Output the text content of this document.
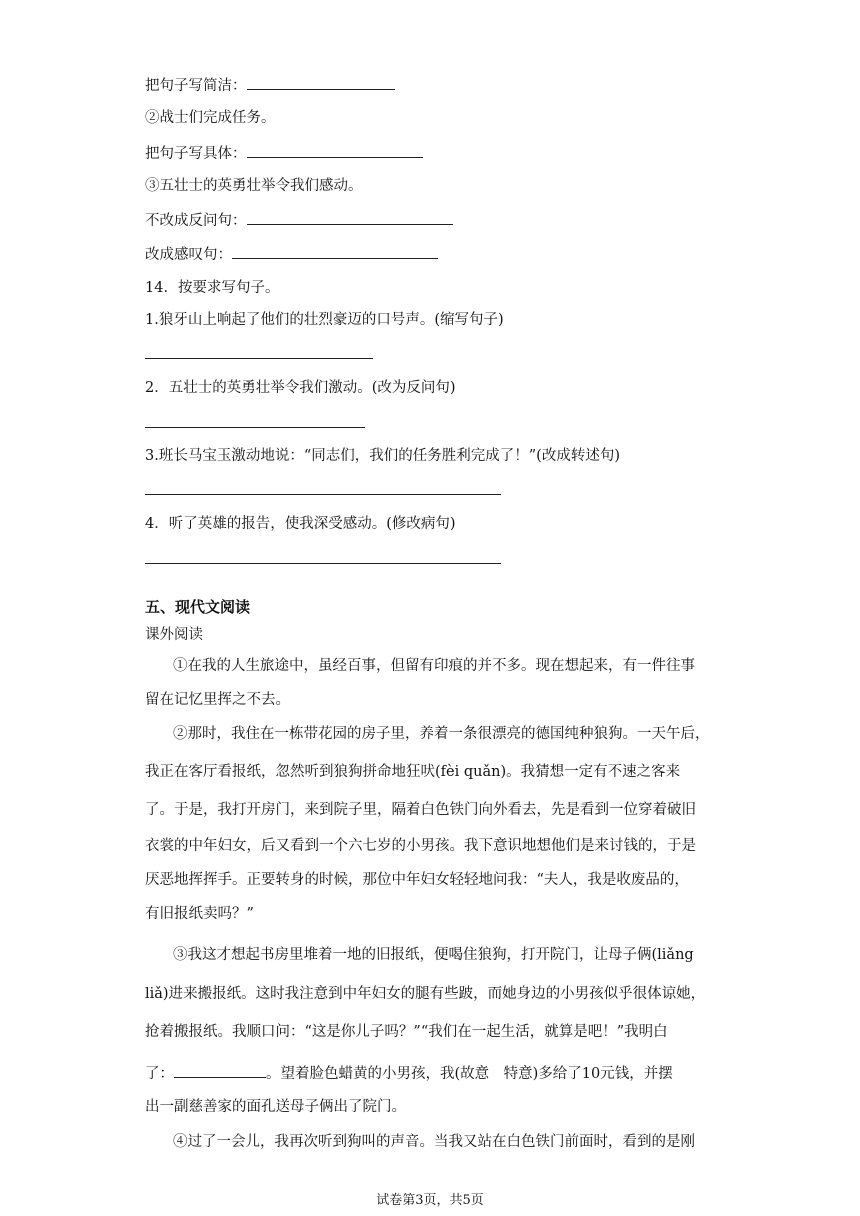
把句子写简洁：
②战士们完成任务。
把句子写具体：
③五壮士的英勇壮举令我们感动。
不改成反问句：
改成感叹句：
14．按要求写句子。
1.狼牙山上响起了他们的壮烈豪迈的口号声。(缩写句子)
2．五壮士的英勇壮举令我们激动。(改为反问句)
3.班长马宝玉激动地说：“同志们，我们的任务胜利完成了！”(改成转述句)
4．听了英雄的报告，使我深受感动。(修改病句)
五、现代文阅读
课外阅读
①在我的人生旅途中，虽经百事，但留有印痕的并不多。现在想起来，有一件往事
留在记忆里挥之不去。
②那时，我住在一栋带花园的房子里，养着一条很漂亮的德国纯种狼狗。一天午后，
我正在客厅看报纸，忽然听到狼狗拼命地狂吠(fèi quǎn)。我猜想一定有不速之客来
了。于是，我打开房门，来到院子里，隔着白色铁门向外看去，先是看到一位穿着破旧
衣裳的中年妇女，后又看到一个六七岁的小男孩。我下意识地想他们是来讨钱的，于是
厌恶地挥挥手。正要转身的时候，那位中年妇女轻轻地问我：“夫人，我是收废品的，
有旧报纸卖吗？”
③我这才想起书房里堆着一地的旧报纸，便喝住狼狗，打开院门，让母子俩(liǎng
liǎ)进来搬报纸。这时我注意到中年妇女的腿有些跛，而她身边的小男孩似乎很体谅她，
抢着搬报纸。我顺口问：“这是你儿子吗？”“我们在一起生活，就算是吧！”我明白
了：	。望着脸色蜡黄的小男孩，我(故意　特意)多给了10元钱，并摆
出一副慈善家的面孔送母子俩出了院门。
④过了一会儿，我再次听到狗叫的声音。当我又站在白色铁门前面时，看到的是刚
试卷第3页，共5页
